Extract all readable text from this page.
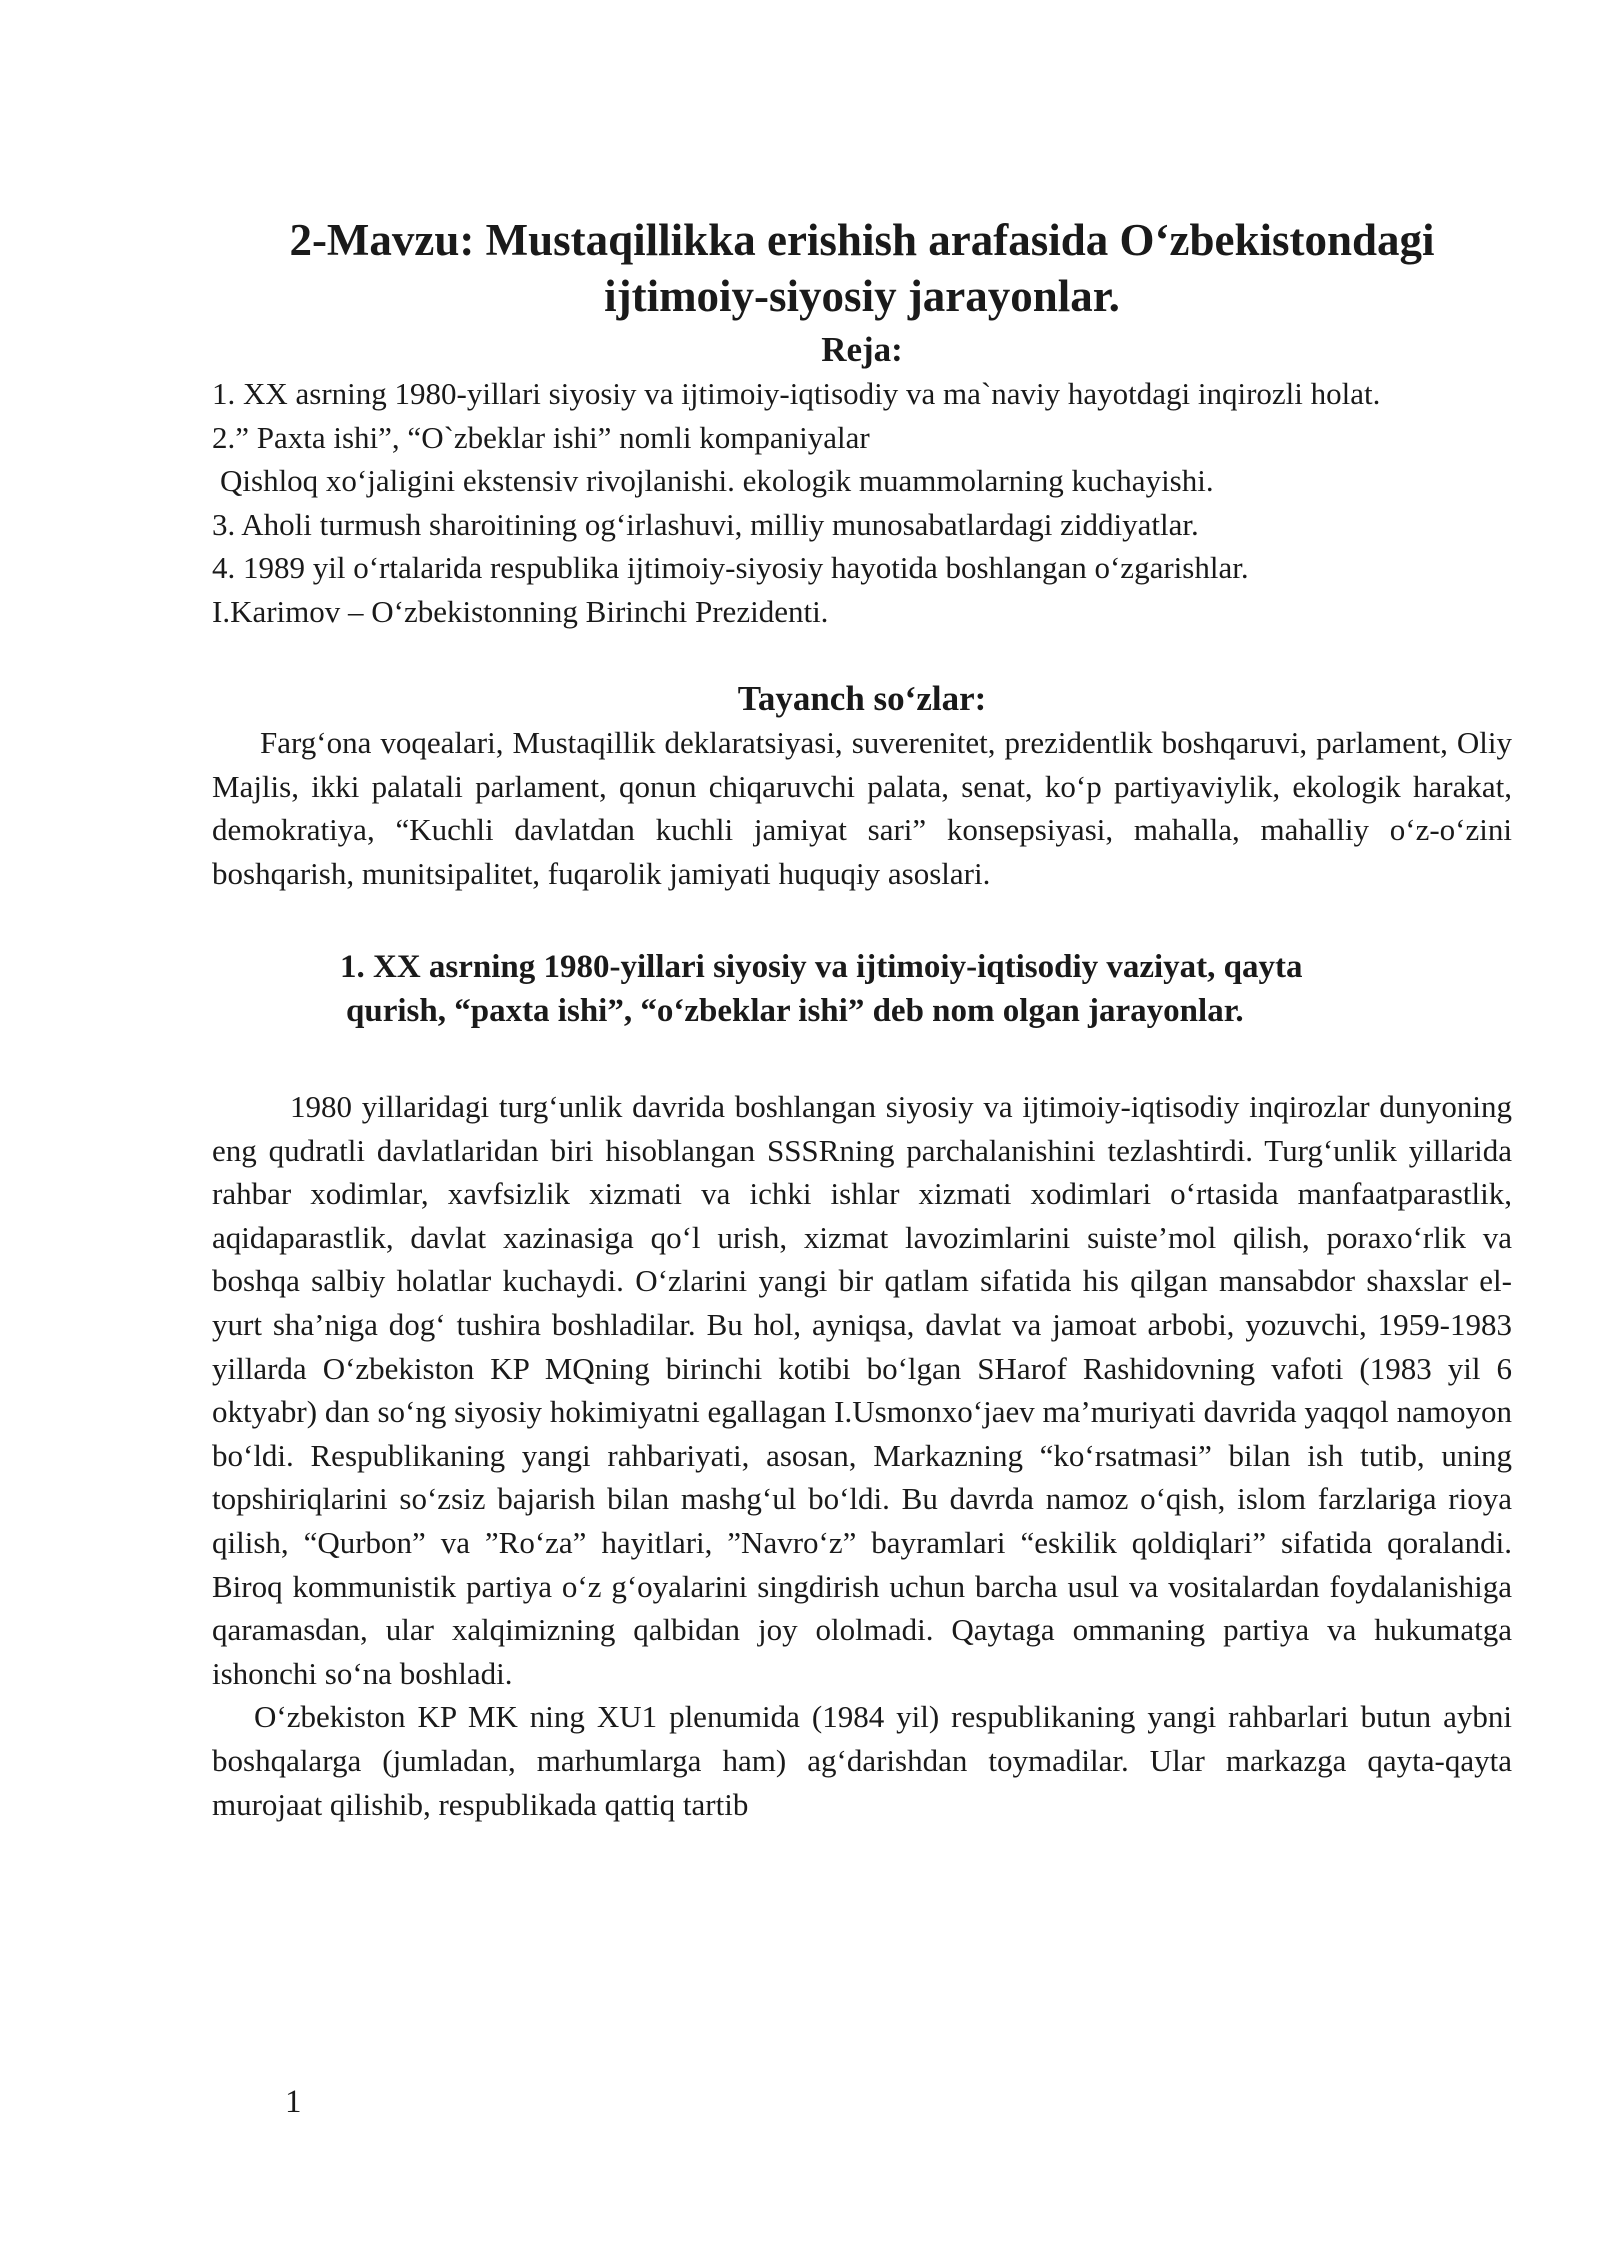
2-Mavzu: Mustaqillikka erishish arafasida O‘zbekistondagi
ijtimoiy-siyosiy jarayonlar.
Reja:

1. XX asrning 1980-yillari siyosiy va ijtimoiy-iqtisodiy va ma`naviy hayotdagi inqirozli holat.

2.” Paxta ishi”, “O`zbeklar ishi” nomli kompaniyalar

Qishloq xo‘jaligini ekstensiv rivojlanishi. ekologik muammolarning kuchayishi.

3. Aholi turmush sharoitining og‘irlashuvi, milliy munosabatlardagi ziddiyatlar.

4. 1989 yil o‘rtalarida respublika ijtimoiy-siyosiy hayotida boshlangan o‘zgarishlar.

I.Karimov – O‘zbekistonning Birinchi Prezidenti.

Tayanch so‘zlar:

Farg‘ona voqealari, Mustaqillik deklaratsiyasi, suverenitet, prezidentlik boshqaruvi, parlament, Oliy Majlis, ikki palatali parlament, qonun chiqaruvchi palata, senat, ko‘p partiyaviylik, ekologik harakat, demokratiya, “Kuchli davlatdan kuchli jamiyat sari” konsepsiyasi, mahalla, mahalliy o‘z-o‘zini boshqarish, munitsipalitet, fuqarolik jamiyati huquqiy asoslari.

1. XX asrning 1980-yillari siyosiy va ijtimoiy-iqtisodiy vaziyat, qayta
qurish, “paxta ishi”, “o‘zbeklar ishi” deb nom olgan jarayonlar.

1980 yillaridagi turg‘unlik davrida boshlangan siyosiy va ijtimoiy-iqtisodiy inqirozlar dunyoning eng qudratli davlatlaridan biri hisoblangan SSSRning parchalanishini tezlashtirdi. Turg‘unlik yillarida rahbar xodimlar, xavfsizlik xizmati va ichki ishlar xizmati xodimlari o‘rtasida manfaatparastlik, aqidaparastlik, davlat xazinasiga qo‘l urish, xizmat lavozimlarini suiste’mol qilish, poraxo‘rlik va boshqa salbiy holatlar kuchaydi. O‘zlarini yangi bir qatlam sifatida his qilgan mansabdor shaxslar el-yurt sha’niga dog‘ tushira boshladilar. Bu hol, ayniqsa, davlat va jamoat arbobi, yozuvchi, 1959-1983 yillarda O‘zbekiston KP MQning birinchi kotibi bo‘lgan SHarof Rashidovning vafoti (1983 yil 6 oktyabr) dan so‘ng siyosiy hokimiyatni egallagan I.Usmonxo‘jaev ma’muriyati davrida yaqqol namoyon bo‘ldi. Respublikaning yangi rahbariyati, asosan, Markazning “ko‘rsatmasi” bilan ish tutib, uning topshiriqlarini so‘zsiz bajarish bilan mashg‘ul bo‘ldi. Bu davrda namoz o‘qish, islom farzlariga rioya qilish, “Qurbon” va ”Ro‘za” hayitlari, ”Navro‘z” bayramlari “eskilik qoldiqlari” sifatida qoralandi. Biroq kommunistik partiya o‘z g‘oyalarini singdirish uchun barcha usul va vositalardan foydalanishiga qaramasdan, ular xalqimizning qalbidan joy ololmadi. Qaytaga ommaning partiya va hukumatga ishonchi so‘na boshladi.

O‘zbekiston KP MK ning XU1 plenumida (1984 yil) respublikaning yangi rahbarlari butun aybni boshqalarga (jumladan, marhumlarga ham) ag‘darishdan toymadilar. Ular markazga qayta-qayta murojaat qilishib, respublikada qattiq tartib

1
